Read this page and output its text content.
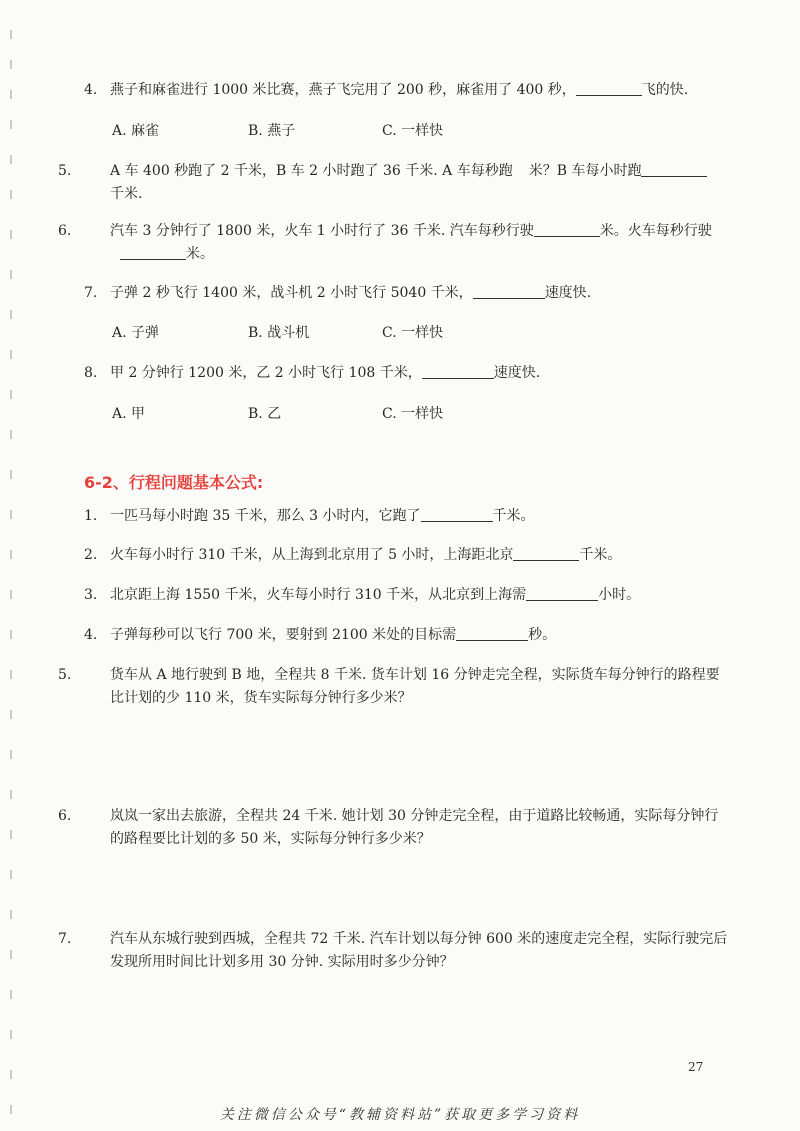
4. 燕子和麻雀进行 1000 米比赛，燕子飞完用了 200 秒，麻雀用了 400 秒，	飞的快.
A. 麻雀	B. 燕子	C. 一样快
5.	A 车 400 秒跑了 2 千米，B 车 2 小时跑了 36 千米. A 车每秒跑 米？B 车每小时跑
千米.
6.	汽车 3 分钟行了 1800 米，火车 1 小时行了 36 千米. 汽车每秒行驶	米。火车每秒行驶
米。
7. 子弹 2 秒飞行 1400 米，战斗机 2 小时飞行 5040 千米，	速度快.
A. 子弹	B. 战斗机	C. 一样快
8. 甲 2 分钟行 1200 米，乙 2 小时飞行 108 千米，	速度快.
A. 甲	B. 乙	C. 一样快
6-2、行程问题基本公式:
1. 一匹马每小时跑 35 千米，那么 3 小时内，它跑了	千米。
2. 火车每小时行 310 千米，从上海到北京用了 5 小时，上海距北京	千米。
3. 北京距上海 1550 千米，火车每小时行 310 千米，从北京到上海需	小时。
4. 子弹每秒可以飞行 700 米，要射到 2100 米处的目标需	秒。
5.	货车从 A 地行驶到 B 地，全程共 8 千米. 货车计划 16 分钟走完全程，实际货车每分钟行的路程要比计划的少 110 米，货车实际每分钟行多少米？
6.	岚岚一家出去旅游，全程共 24 千米. 她计划 30 分钟走完全程，由于道路比较畅通，实际每分钟行的路程要比计划的多 50 米，实际每分钟行多少米？
7.	汽车从东城行驶到西城，全程共 72 千米. 汽车计划以每分钟 600 米的速度走完全程，实际行驶完后发现所用时间比计划多用 30 分钟. 实际用时多少分钟？
27
关注微信公众号“教辅资料站”获取更多学习资料
